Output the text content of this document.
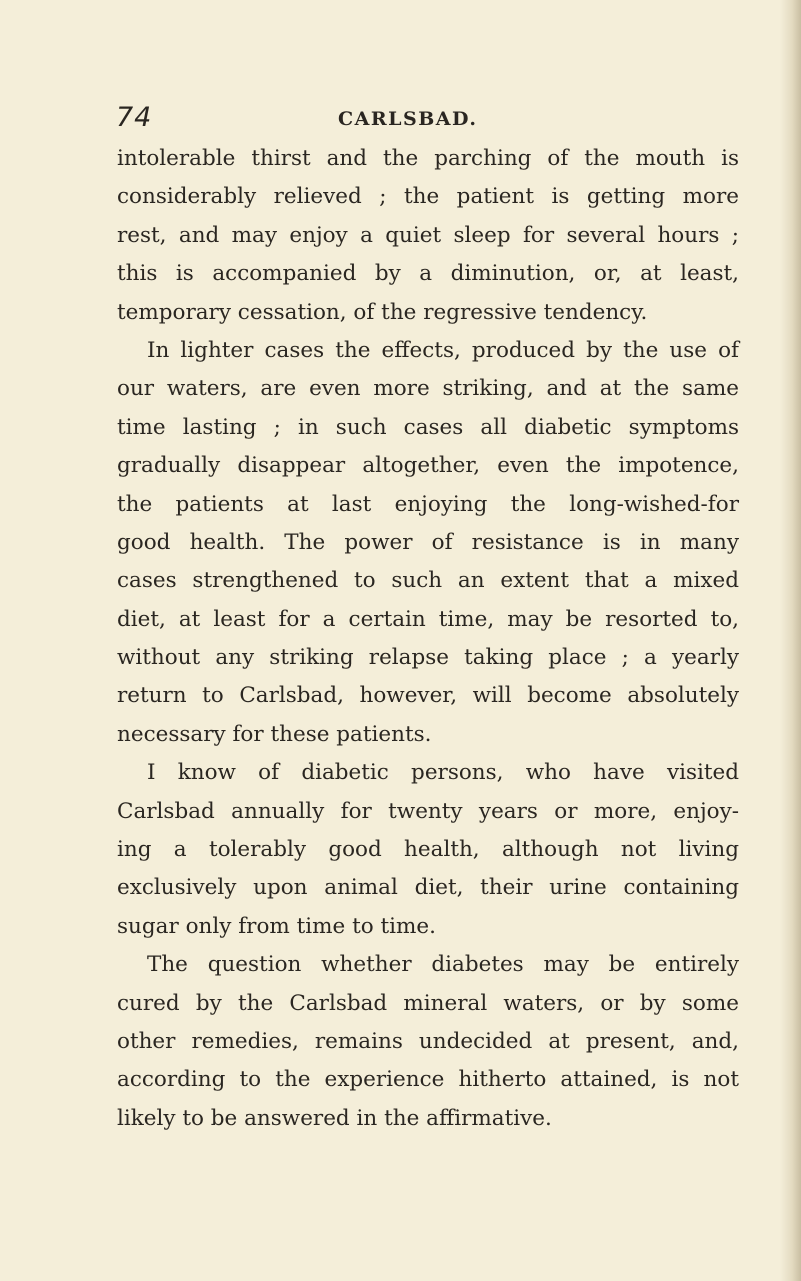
74	CARLSBAD.
intolerable thirst and the parching of the mouth is
considerably relieved ; the patient is getting more
rest, and may enjoy a quiet sleep for several hours ;
this is accompanied by a diminution, or, at least,
temporary cessation, of the regressive tendency.
In lighter cases the effects, produced by the use of
our waters, are even more striking, and at the same
time lasting ; in such cases all diabetic symptoms
gradually disappear altogether, even the impotence,
the patients at last enjoying the long-wished-for
good health. The power of resistance is in many
cases strengthened to such an extent that a mixed
diet, at least for a certain time, may be resorted to,
without any striking relapse taking place ; a yearly
return to Carlsbad, however, will become absolutely
necessary for these patients.
I know of diabetic persons, who have visited
Carlsbad annually for twenty years or more, enjoy-
ing a tolerably good health, although not living
exclusively upon animal diet, their urine containing
sugar only from time to time.
The question whether diabetes may be entirely
cured by the Carlsbad mineral waters, or by some
other remedies, remains undecided at present, and,
according to the experience hitherto attained, is not
likely to be answered in the affirmative.
